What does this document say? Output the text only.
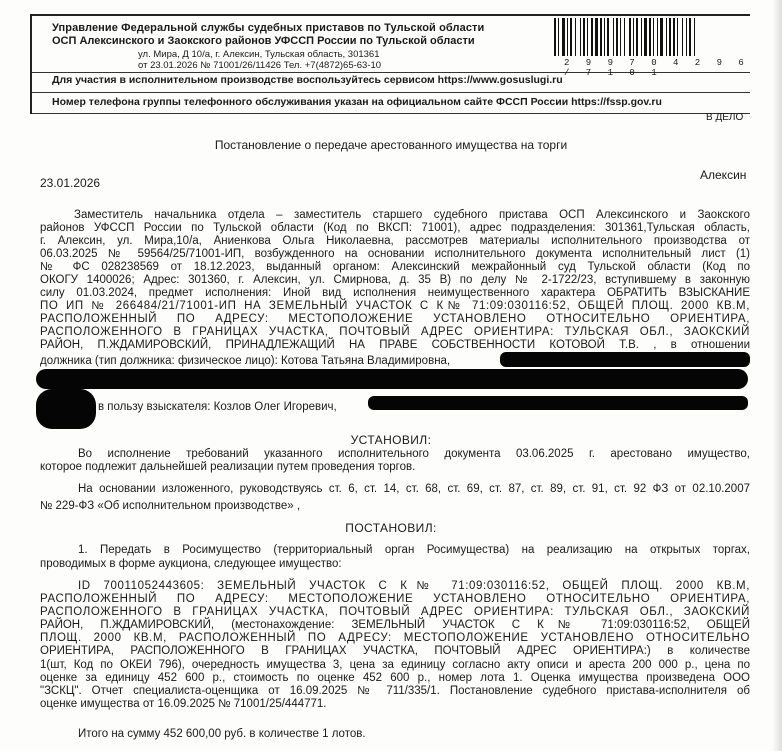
Управление Федеральной службы судебных приставов по Тульской области
ОСП Алексинского и Заокского районов УФССП России по Тульской области
ул. Мира, Д 10/а, г. Алексин, Тульская область, 301361
от 23.01.2026 № 71001/26/11426 Тел. +7(4872)65-63-10
Для участия в исполнительном производстве воспользуйтесь сервисом https://www.gosuslugi.ru
Номер телефона группы телефонного обслуживания указан на официальном сайте ФССП России https://fssp.gov.ru
2 9 9 7 0 4 2 9 6 / 7 1 0 1
В ДЕЛО
Постановление о передаче арестованного имущества на торги
Алексин
23.01.2026
Заместитель начальника отдела – заместитель старшего судебного пристава ОСП Алексинского и Заокского
районов УФССП России по Тульской области (Код по ВКСП: 71001), адрес подразделения: 301361,Тульская область,
г. Алексин, ул. Мира,10/а, Аниенкова Ольга Николаевна, рассмотрев материалы исполнительного производства от
06.03.2025 № 59564/25/71001-ИП, возбужденного на основании исполнительного документа исполнительный лист (1)
№ ФС 028238569 от 18.12.2023, выданный органом: Алексинский межрайонный суд Тульской области (Код по
ОКОГУ 1400026; Адрес: 301360, г. Алексин, ул. Смирнова, д. 35 В) по делу № 2-1722/23, вступившему в законную
силу 01.03.2024, предмет исполнения: Иной вид исполнения неимущественного характера ОБРАТИТЬ ВЗЫСКАНИЕ
ПО ИП № 266484/21/71001-ИП НА ЗЕМЕЛЬНЫЙ УЧАСТОК С К№ 71:09:030116:52, ОБЩЕЙ ПЛОЩ. 2000 КВ.М,
РАСПОЛОЖЕННЫЙ ПО АДРЕСУ: МЕСТОПОЛОЖЕНИЕ УСТАНОВЛЕНО ОТНОСИТЕЛЬНО ОРИЕНТИРА,
РАСПОЛОЖЕННОГО В ГРАНИЦАХ УЧАСТКА, ПОЧТОВЫЙ АДРЕС ОРИЕНТИРА: ТУЛЬСКАЯ ОБЛ., ЗАОКСКИЙ
РАЙОН, П.ЖДАМИРОВСКИЙ, ПРИНАДЛЕЖАЩИЙ НА ПРАВЕ СОБСТВЕННОСТИ КОТОВОЙ Т.В. , в отношении
должника (тип должника: физическое лицо): Котова Татьяна Владимировна,
в пользу взыскателя: Козлов Олег Игоревич,
УСТАНОВИЛ:
Во исполнение требований указанного исполнительного документа 03.06.2025 г. арестовано имущество,
которое подлежит дальнейшей реализации путем проведения торгов.
На основании изложенного, руководствуясь ст. 6, ст. 14, ст. 68, ст. 69, ст. 87, ст. 89, ст. 91, ст. 92 ФЗ от 02.10.2007
№ 229-ФЗ «Об исполнительном производстве» ,
ПОСТАНОВИЛ:
1. Передать в Росимущество (территориальный орган Росимущества) на реализацию на открытых торгах,
проводимых в форме аукциона, следующее имущество:
ID 70011052443605: ЗЕМЕЛЬНЫЙ УЧАСТОК С К№ 71:09:030116:52, ОБЩЕЙ ПЛОЩ. 2000 КВ.М,
РАСПОЛОЖЕННЫЙ ПО АДРЕСУ: МЕСТОПОЛОЖЕНИЕ УСТАНОВЛЕНО ОТНОСИТЕЛЬНО ОРИЕНТИРА,
РАСПОЛОЖЕННОГО В ГРАНИЦАХ УЧАСТКА, ПОЧТОВЫЙ АДРЕС ОРИЕНТИРА: ТУЛЬСКАЯ ОБЛ., ЗАОКСКИЙ
РАЙОН, П.ЖДАМИРОВСКИЙ, (местонахождение: ЗЕМЕЛЬНЫЙ УЧАСТОК С К№ 71:09:030116:52, ОБЩЕЙ
ПЛОЩ. 2000 КВ.М, РАСПОЛОЖЕННЫЙ ПО АДРЕСУ: МЕСТОПОЛОЖЕНИЕ УСТАНОВЛЕНО ОТНОСИТЕЛЬНО
ОРИЕНТИРА, РАСПОЛОЖЕННОГО В ГРАНИЦАХ УЧАСТКА, ПОЧТОВЫЙ АДРЕС ОРИЕНТИРА:) в количестве
1(шт, Код по ОКЕИ 796), очередность имущества 3, цена за единицу согласно акту описи и ареста 200 000 р., цена по
оценке за единицу 452 600 р., стоимость по оценке 452 600 р., номер лота 1. Оценка имущества произведена ООО
"ЗСКЦ". Отчет специалиста-оценщика от 16.09.2025 № 711/335/1. Постановление судебного пристава-исполнителя об
оценке имущества от 16.09.2025 № 71001/25/444771.
Итого на сумму 452 600,00 руб. в количестве 1 лотов.
